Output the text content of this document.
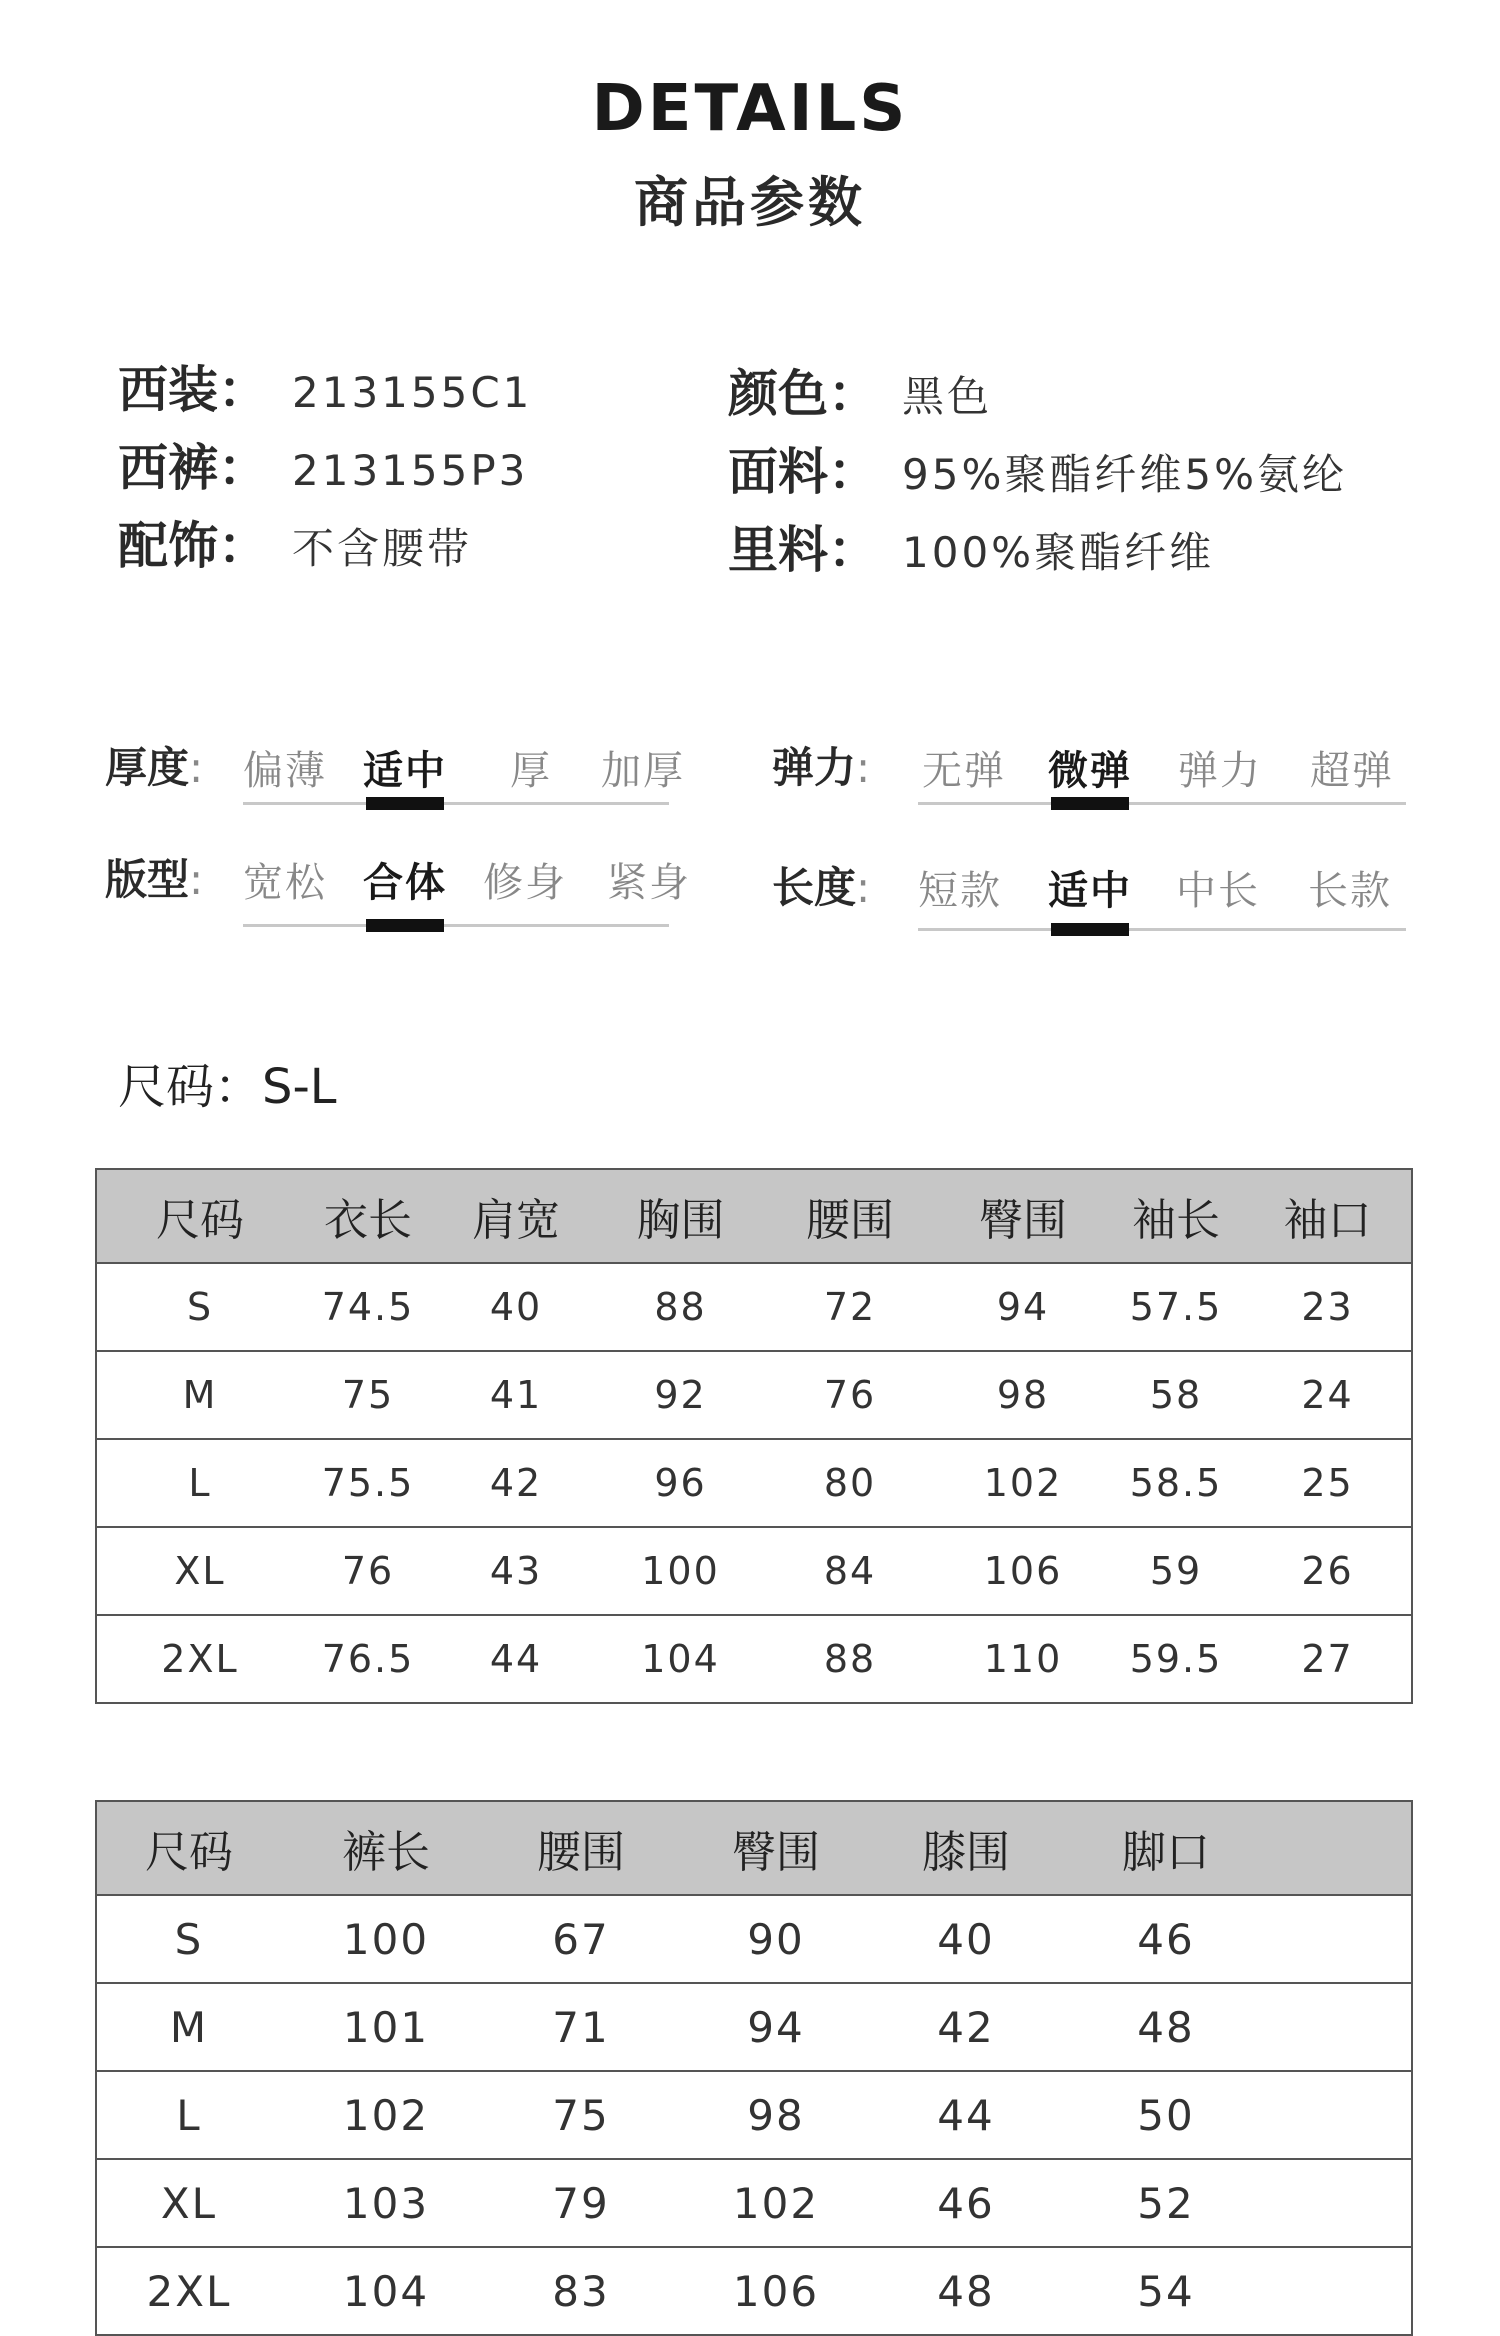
DETAILS
商品参数
西装： 213155C1
西裤： 213155P3
配饰： 不含腰带
颜色： 黑色
面料： 95%聚酯纤维5%氨纶
里料： 100%聚酯纤维
厚度: 偏薄 适中	厚	加厚	弹力:	无弹	微弹	弹力	超弹
版型: 宽松 合体 修身	紧身	长度:	短款	适中	中长	长款
尺码：S-L
尺码	衣长	肩宽	胸围	腰围	臀围	袖长	袖口
S	74.5	40	88	72	94	57.5	23
M	75	41	92	76	98	58	24
L	75.5	42	96	80	102	58.5	25
XL	76	43	100	84	106	59	26
2XL	76.5	44	104	88	110	59.5	27
尺码	裤长	腰围	臀围	膝围	脚口	
S	100	67	90	40	46	
M	101	71	94	42	48	
L	102	75	98	44	50	
XL	103	79	102	46	52	
2XL	104	83	106	48	54	
